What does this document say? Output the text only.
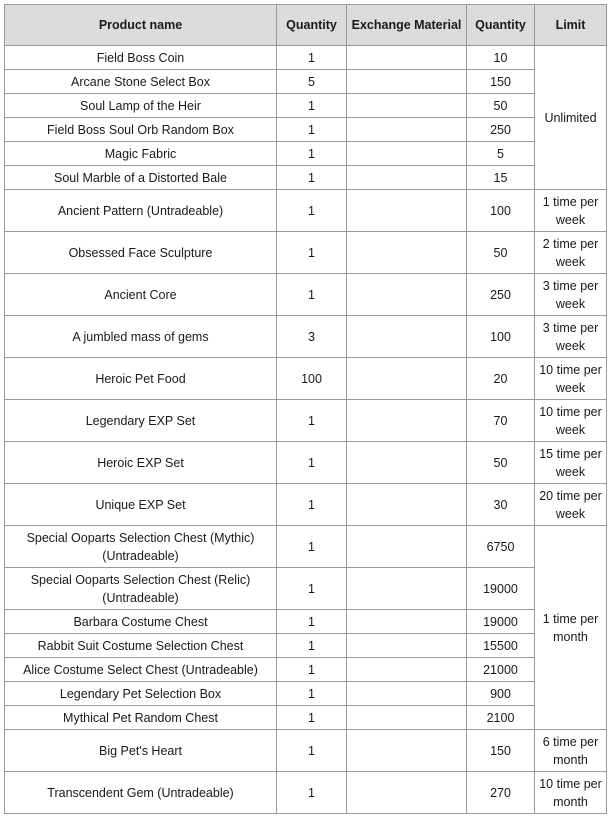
Product name	Quantity	Exchange Material	Quantity	Limit
Field Boss Coin	1		10	Unlimited
Arcane Stone Select Box	5		150	
Soul Lamp of the Heir	1		50	
Field Boss Soul Orb Random Box	1		250	
Magic Fabric	1		5	
Soul Marble of a Distorted Bale	1		15	
Ancient Pattern (Untradeable)	1		100	1 time per week
Obsessed Face Sculpture	1		50	2 time per week
Ancient Core	1		250	3 time per week
A jumbled mass of gems	3		100	3 time per week
Heroic Pet Food	100		20	10 time per week
Legendary EXP Set	1		70	10 time per week
Heroic EXP Set	1		50	15 time per week
Unique EXP Set	1		30	20 time per week
Special Ooparts Selection Chest (Mythic) (Untradeable)	1		6750	1 time per month
Special Ooparts Selection Chest (Relic) (Untradeable)	1		19000	
Barbara Costume Chest	1		19000	
Rabbit Suit Costume Selection Chest	1		15500	
Alice Costume Select Chest (Untradeable)	1		21000	
Legendary Pet Selection Box	1		900	
Mythical Pet Random Chest	1		2100	
Big Pet's Heart	1		150	6 time per month
Transcendent Gem (Untradeable)	1		270	10 time per month
